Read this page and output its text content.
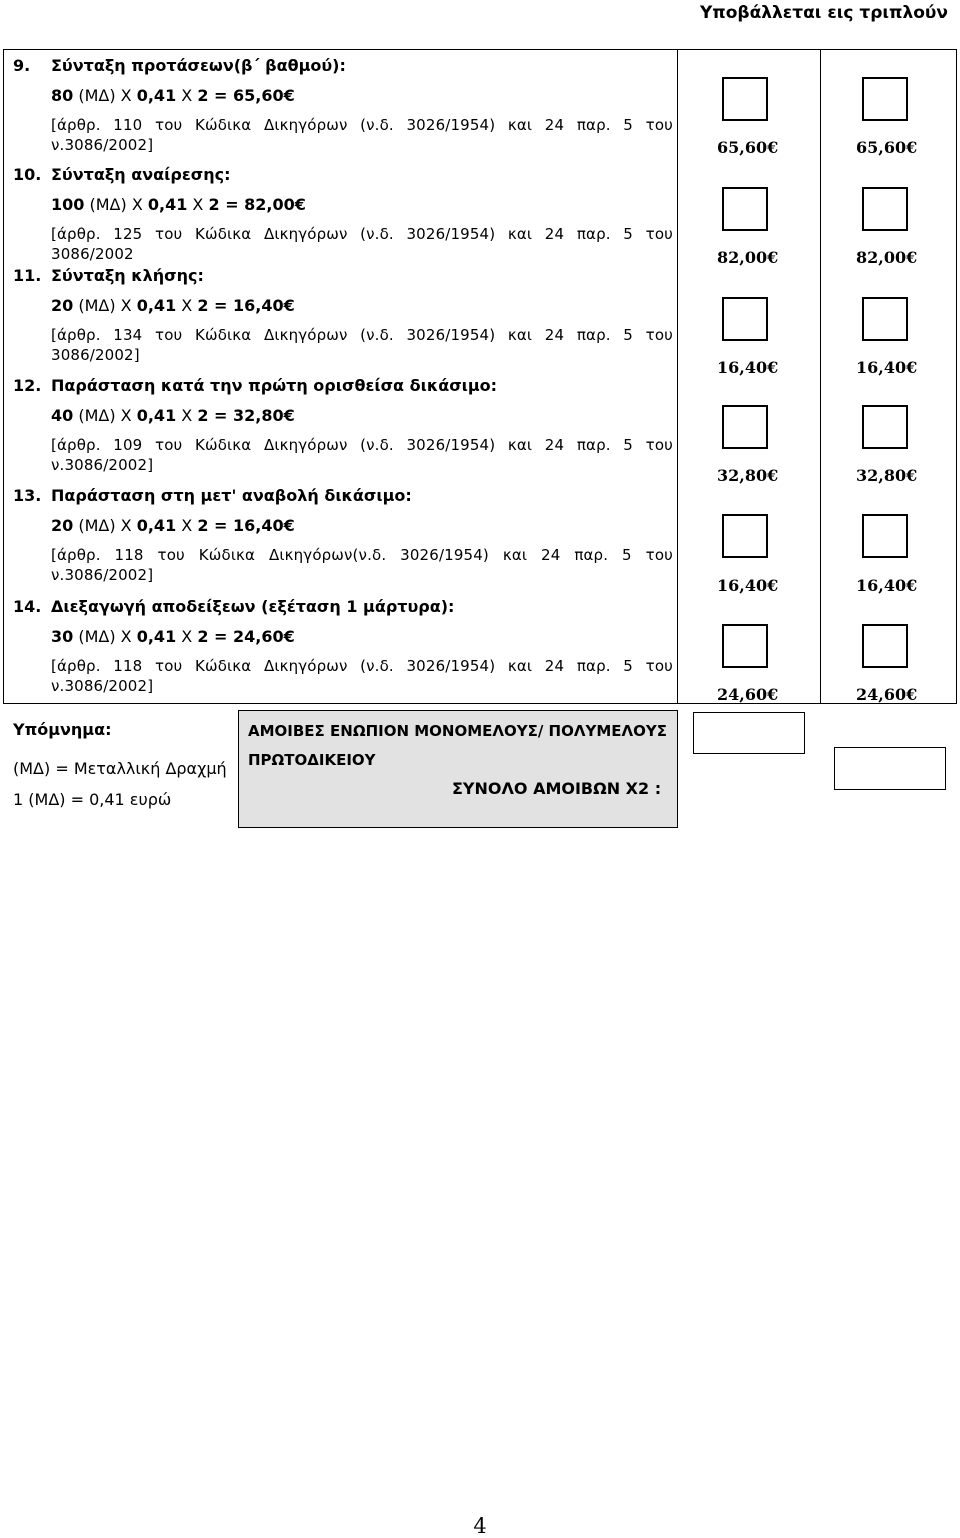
Υποβάλλεται εις τριπλούν
9. Σύνταξη προτάσεων(β΄ βαθμού):
80 (ΜΔ) Χ 0,41 Χ 2 = 65,60€
[άρθρ. 110 του Κώδικα Δικηγόρων (ν.δ. 3026/1954) και 24 παρ. 5 του ν.3086/2002]	65,60€	65,60€
10. Σύνταξη αναίρεσης:
100 (ΜΔ) Χ 0,41 Χ 2 = 82,00€
[άρθρ. 125 του Κώδικα Δικηγόρων (ν.δ. 3026/1954) και 24 παρ. 5 του 3086/2002	82,00€	82,00€
11. Σύνταξη κλήσης:
20 (ΜΔ) Χ 0,41 Χ 2 = 16,40€
[άρθρ. 134 του Κώδικα Δικηγόρων (ν.δ. 3026/1954) και 24 παρ. 5 του 3086/2002]
16,40€	16,40€
12. Παράσταση κατά την πρώτη ορισθείσα δικάσιμο:
40 (ΜΔ) Χ 0,41 Χ 2 = 32,80€
[άρθρ. 109 του Κώδικα Δικηγόρων (ν.δ. 3026/1954) και 24 παρ. 5 του ν.3086/2002]
32,80€	32,80€
13. Παράσταση στη μετ' αναβολή δικάσιμο:
20 (ΜΔ) Χ 0,41 Χ 2 = 16,40€
[άρθρ. 118 του Κώδικα Δικηγόρων(ν.δ. 3026/1954) και 24 παρ. 5 του ν.3086/2002]
16,40€	16,40€
14. Διεξαγωγή αποδείξεων (εξέταση 1 μάρτυρα):
30 (ΜΔ) Χ 0,41 Χ 2 = 24,60€
[άρθρ. 118 του Κώδικα Δικηγόρων (ν.δ. 3026/1954) και 24 παρ. 5 του ν.3086/2002]	24,60€	24,60€
Υπόμνημα:
(ΜΔ) = Μεταλλική Δραχμή
1 (ΜΔ) = 0,41 ευρώ
ΑΜΟΙΒΕΣ ΕΝΩΠΙΟΝ ΜΟΝΟΜΕΛΟΥΣ/ ΠΟΛΥΜΕΛΟΥΣ
ΠΡΩΤΟΔΙΚΕΙΟΥ
ΣΥΝΟΛΟ ΑΜΟΙΒΩΝ Χ2 :
4
